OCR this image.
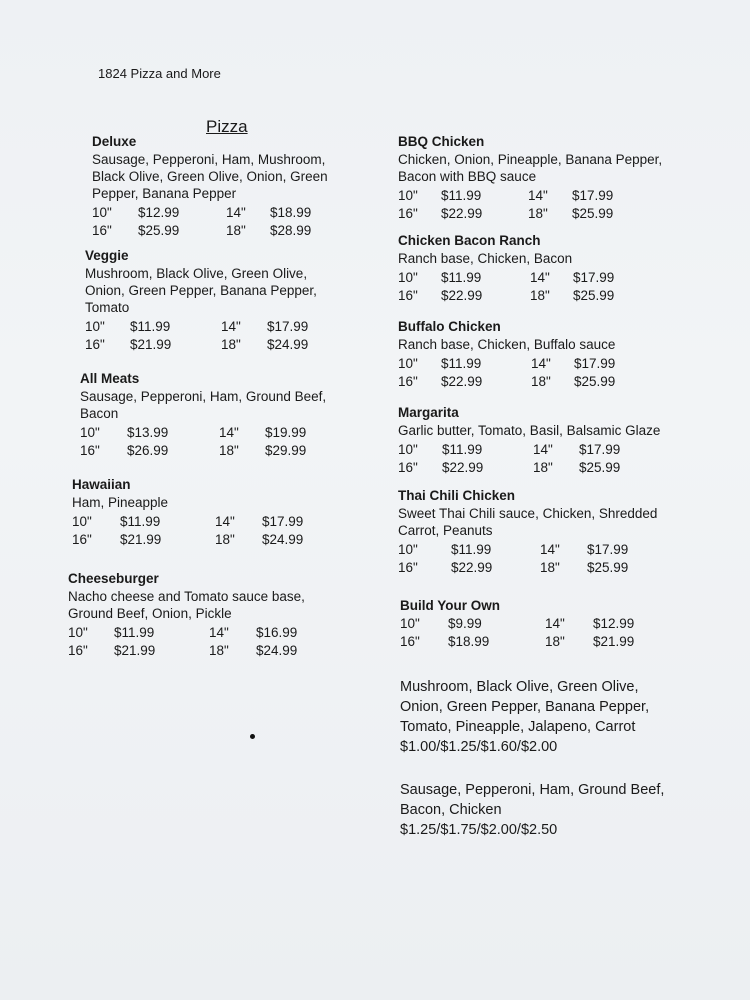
1824 Pizza and More
Pizza
Deluxe
Sausage, Pepperoni, Ham, Mushroom,
Black Olive, Green Olive, Onion, Green
Pepper, Banana Pepper
10"	$12.99	14"	$18.99
16"	$25.99	18"	$28.99
Veggie
Mushroom, Black Olive, Green Olive,
Onion, Green Pepper, Banana Pepper,
Tomato
10"	$11.99	14"	$17.99
16"	$21.99	18"	$24.99
All Meats
Sausage, Pepperoni, Ham, Ground Beef,
Bacon
10"	$13.99	14"	$19.99
16"	$26.99	18"	$29.99
Hawaiian
Ham, Pineapple
10"	$11.99	14"	$17.99
16"	$21.99	18"	$24.99
Cheeseburger
Nacho cheese and Tomato sauce base,
Ground Beef, Onion, Pickle
10"	$11.99	14"	$16.99
16"	$21.99	18"	$24.99
BBQ Chicken
Chicken, Onion, Pineapple, Banana Pepper,
Bacon with BBQ sauce
10"	$11.99	14"	$17.99
16"	$22.99	18"	$25.99
Chicken Bacon Ranch
Ranch base, Chicken, Bacon
10"	$11.99	14"	$17.99
16"	$22.99	18"	$25.99
Buffalo Chicken
Ranch base, Chicken, Buffalo sauce
10"	$11.99	14"	$17.99
16"	$22.99	18"	$25.99
Margarita
Garlic butter, Tomato, Basil, Balsamic Glaze
10"	$11.99	14"	$17.99
16"	$22.99	18"	$25.99
Thai Chili Chicken
Sweet Thai Chili sauce, Chicken, Shredded
Carrot, Peanuts
10"	$11.99	14"	$17.99
16"	$22.99	18"	$25.99
Build Your Own
10"	$9.99	14"	$12.99
16"	$18.99	18"	$21.99
Mushroom, Black Olive, Green Olive,
Onion, Green Pepper, Banana Pepper,
Tomato, Pineapple, Jalapeno, Carrot
$1.00/$1.25/$1.60/$2.00
Sausage, Pepperoni, Ham, Ground Beef,
Bacon, Chicken
$1.25/$1.75/$2.00/$2.50
